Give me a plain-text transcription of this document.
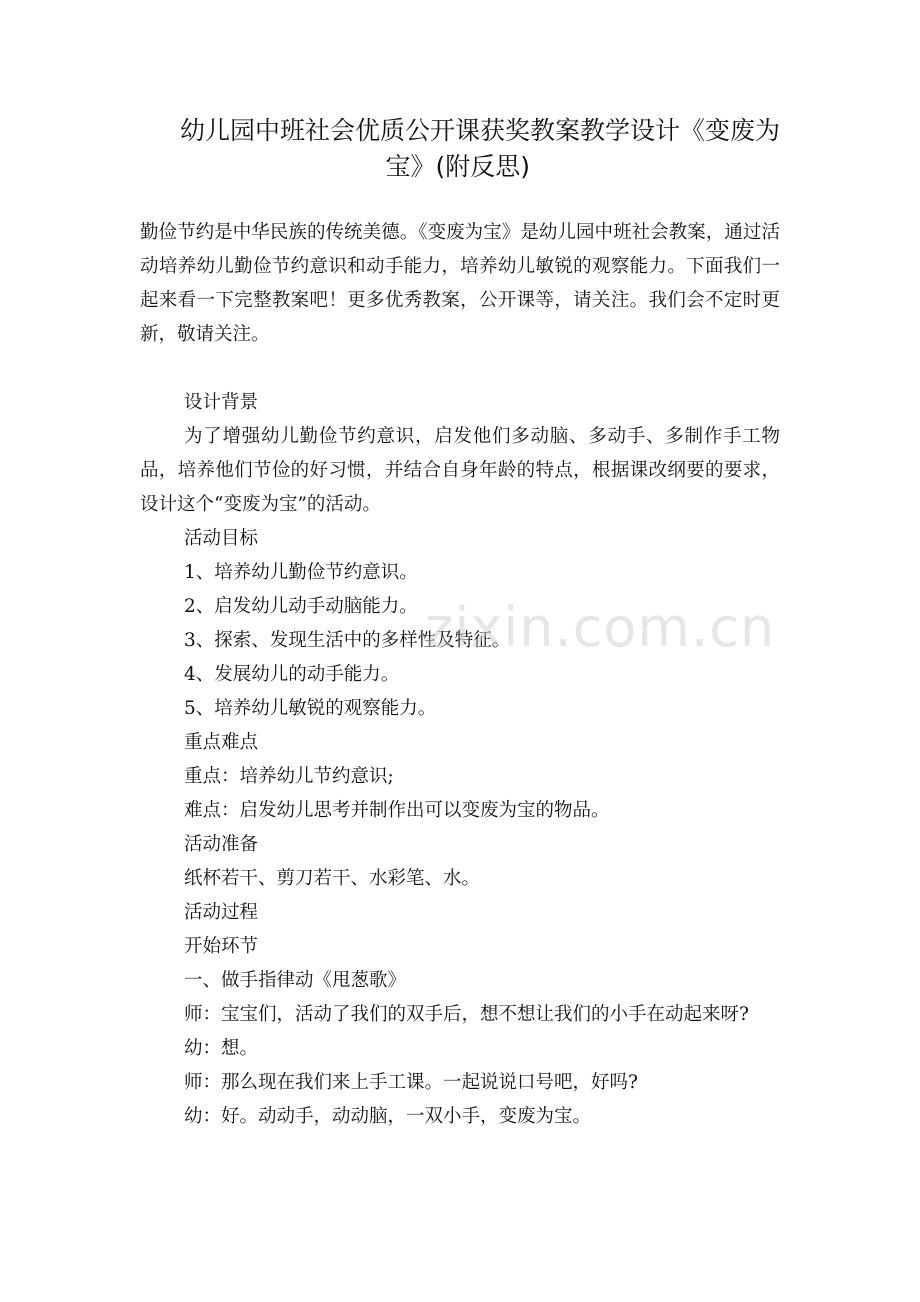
幼儿园中班社会优质公开课获奖教案教学设计《变废为
宝》(附反思)

勤俭节约是中华民族的传统美德。《变废为宝》是幼儿园中班社会教案，通过活动培养幼儿勤俭节约意识和动手能力，培养幼儿敏锐的观察能力。下面我们一起来看一下完整教案吧！更多优秀教案，公开课等，请关注。我们会不定时更新，敬请关注。

设计背景

为了增强幼儿勤俭节约意识，启发他们多动脑、多动手、多制作手工物品，培养他们节俭的好习惯，并结合自身年龄的特点，根据课改纲要的要求，设计这个“变废为宝”的活动。

活动目标

1、培养幼儿勤俭节约意识。

2、启发幼儿动手动脑能力。

3、探索、发现生活中的多样性及特征。

4、发展幼儿的动手能力。

5、培养幼儿敏锐的观察能力。

重点难点

重点：培养幼儿节约意识;

难点：启发幼儿思考并制作出可以变废为宝的物品。

活动准备

纸杯若干、剪刀若干、水彩笔、水。

活动过程

开始环节

一、做手指律动《甩葱歌》

师：宝宝们，活动了我们的双手后，想不想让我们的小手在动起来呀?

幼：想。

师：那么现在我们来上手工课。一起说说口号吧，好吗?

幼：好。动动手，动动脑，一双小手，变废为宝。

zixin.com.cn
